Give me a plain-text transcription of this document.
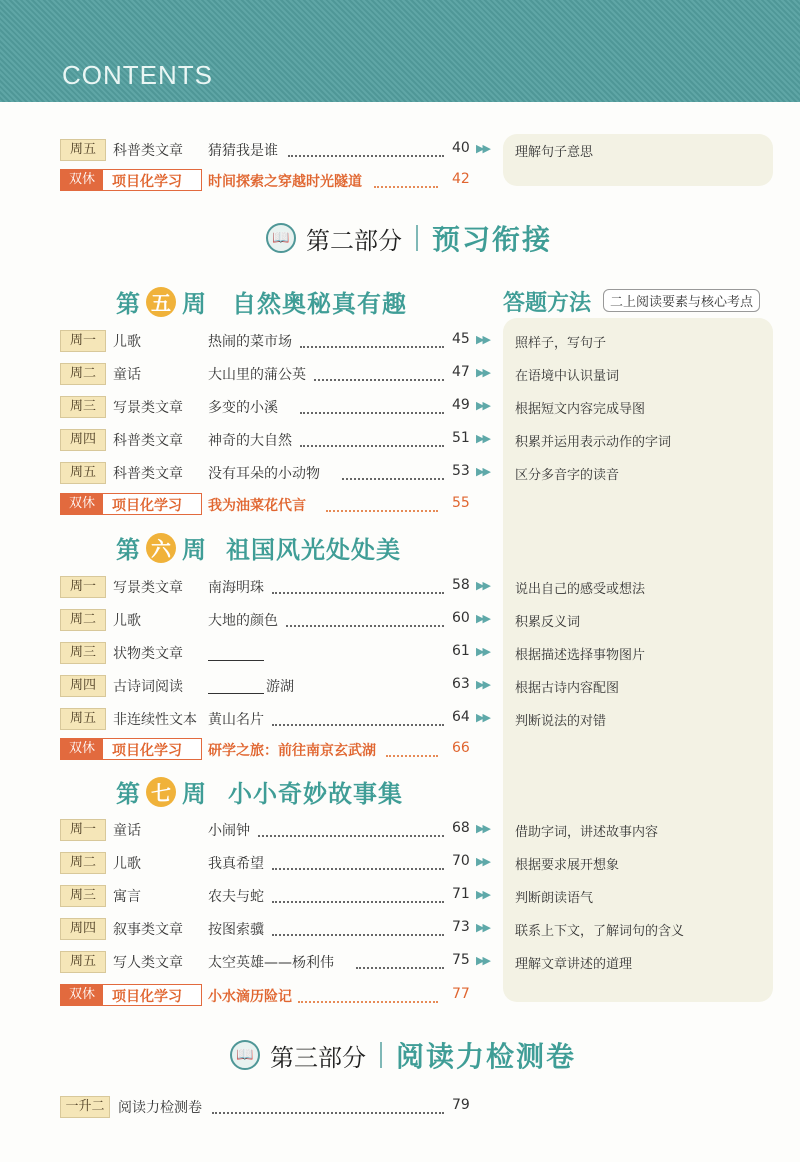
CONTENTS
周五	科普类文章 猜猜我是谁	40 ▶▶ 理解句子意思
双休	项目化学习 时间探索之穿越时光隧道	42
📖 第二部分 预习衔接
答题方法	二上阅读要素与核心考点
第 五 周 自然奥秘真有趣
周一	儿歌	热闹的菜市场	45 ▶▶ 照样子，写句子
周二	童话	大山里的蒲公英	47 ▶▶ 在语境中认识量词
周三	写景类文章 多变的小溪	49 ▶▶ 根据短文内容完成导图
周四	科普类文章 神奇的大自然	51 ▶▶ 积累并运用表示动作的字词
周五	科普类文章 没有耳朵的小动物	53 ▶▶ 区分多音字的读音
双休	项目化学习 我为油菜花代言	55
第 六 周 祖国风光处处美
周一	写景类文章 南海明珠	58 ▶▶ 说出自己的感受或想法
周二	儿歌	大地的颜色	60 ▶▶ 积累反义词
周三	状物类文章	61 ▶▶ 根据描述选择事物图片
周四	古诗词阅读	游湖	63 ▶▶ 根据古诗内容配图
周五	非连续性文本 黄山名片	64 ▶▶ 判断说法的对错
双休	项目化学习 研学之旅：前往南京玄武湖	66
第 七 周 小小奇妙故事集
周一	童话	小闹钟	68 ▶▶ 借助字词，讲述故事内容
周二	儿歌	我真希望	70 ▶▶ 根据要求展开想象
周三	寓言	农夫与蛇	71 ▶▶ 判断朗读语气
周四	叙事类文章 按图索骥	73 ▶▶ 联系上下文，了解词句的含义
周五	写人类文章 太空英雄——杨利伟	75 ▶▶ 理解文章讲述的道理
双休	项目化学习 小水滴历险记	77
📖 第三部分 阅读力检测卷
一升二 阅读力检测卷	79
